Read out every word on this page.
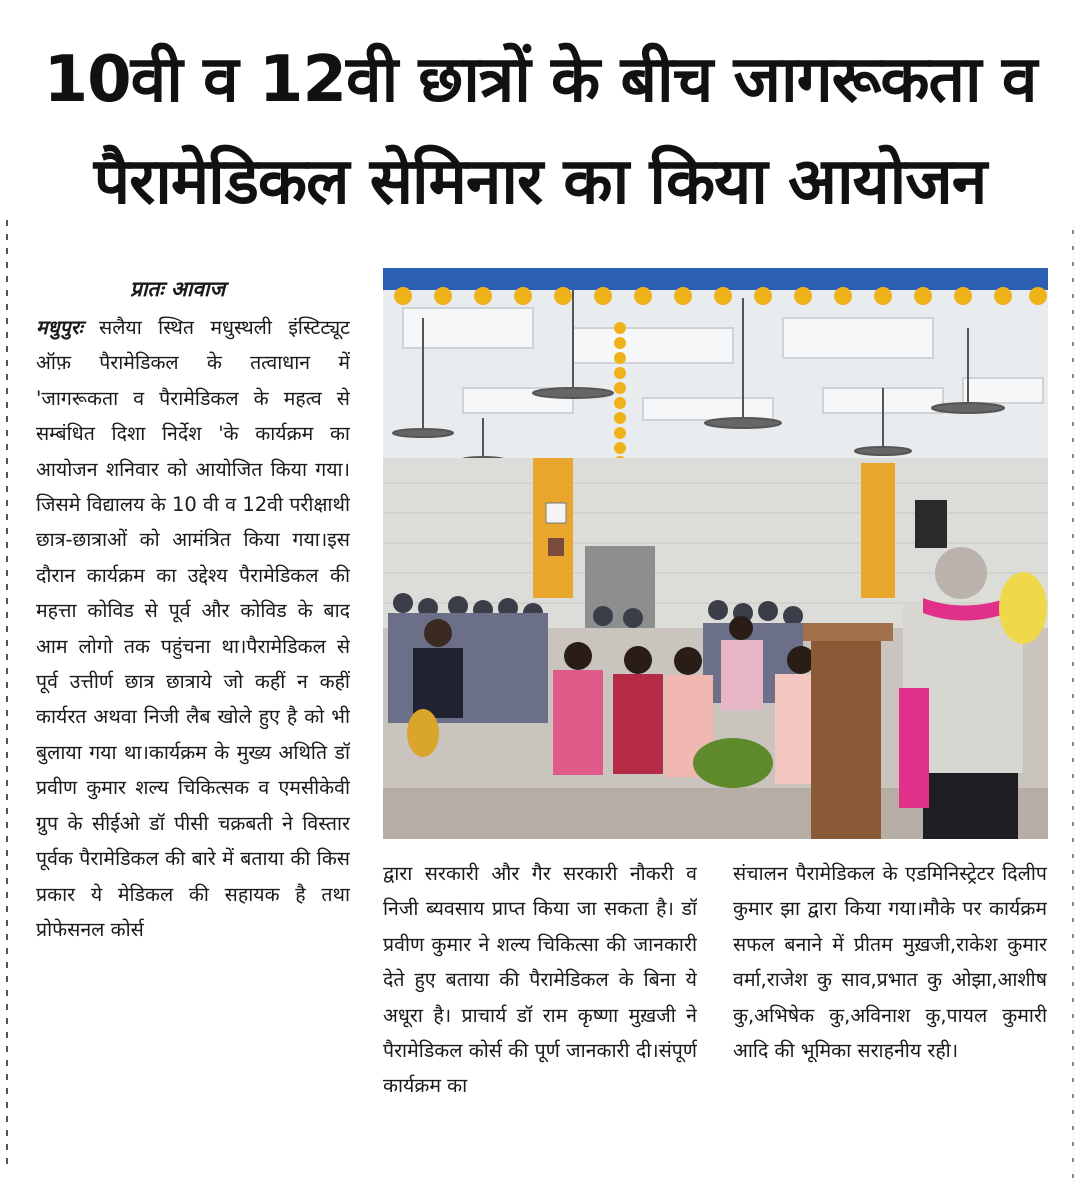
10वी व 12वी छात्रों के बीच जागरूकता व
पैरामेडिकल सेमिनार का किया आयोजन
प्रातः आवाज
मधुपुरः सलैया स्थित मधुस्थली इंस्टिट्यूट ऑफ़ पैरामेडिकल के तत्वाधान में 'जागरूकता व पैरामेडिकल के महत्व से सम्बंधित दिशा निर्देश 'के कार्यक्रम का आयोजन शनिवार को आयोजित किया गया।जिसमे विद्यालय के 10 वी व 12वी परीक्षाथी छात्र-छात्राओं को आमंत्रित किया गया।इस दौरान कार्यक्रम का उद्देश्य पैरामेडिकल की महत्ता कोविड से पूर्व और कोविड के बाद आम लोगो तक पहुंचना था।पैरामेडिकल से पूर्व उत्तीर्ण छात्र छात्राये जो कहीं न कहीं कार्यरत अथवा निजी लैब खोले हुए है को भी बुलाया गया था।कार्यक्रम के मुख्य अथिति डॉ प्रवीण कुमार शल्य चिकित्सक व एमसीकेवी ग्रुप के सीईओ डॉ पीसी चक्रबती ने विस्तार पूर्वक पैरामेडिकल की बारे में बताया की किस प्रकार ये मेडिकल की सहायक है तथा प्रोफेसनल कोर्स
द्वारा सरकारी और गैर सरकारी नौकरी व निजी ब्यवसाय प्राप्त किया जा सकता है। डॉ प्रवीण कुमार ने शल्य चिकित्सा की जानकारी देते हुए बताया की पैरामेडिकल के बिना ये अधूरा है। प्राचार्य डॉ राम कृष्णा मुख़जी ने पैरामेडिकल कोर्स की पूर्ण जानकारी दी।संपूर्ण कार्यक्रम का
संचालन पैरामेडिकल के एडमिनिस्ट्रेटर दिलीप कुमार झा द्वारा किया गया।मौके पर कार्यक्रम सफल बनाने में प्रीतम मुख़जी,राकेश कुमार वर्मा,राजेश कु साव,प्रभात कु ओझा,आशीष कु,अभिषेक कु,अविनाश कु,पायल कुमारी आदि की भूमिका सराहनीय रही।
